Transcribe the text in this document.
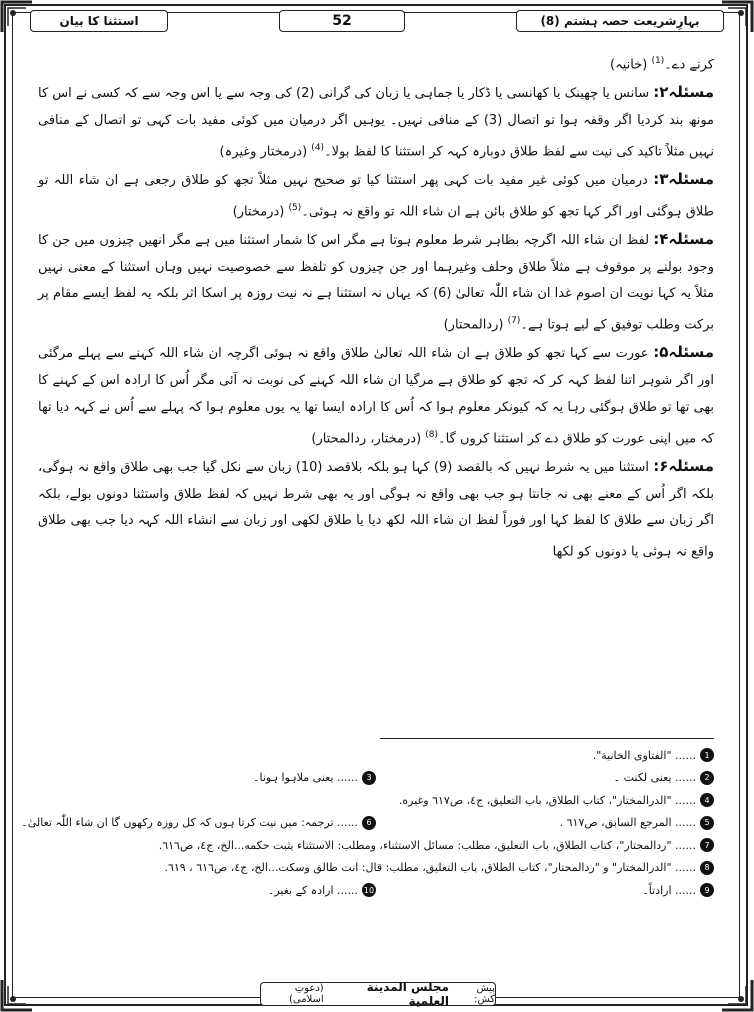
بہارِشریعت حصہ ہشتم (8)
52
استثنا کا بیان

کرنے دے۔$^{(1)}$ (خانیہ)

مسئلہ۲: سانس یا چھینک یا کھانسی یا ڈکار یا جماہی یا زبان کی گرانی (2) کی وجہ سے یا اس وجہ سے کہ کسی نے اس کا مونھ بند کردیا اگر وقفہ ہوا تو اتصال (3) کے منافی نہیں۔ یوہیں اگر درمیان میں کوئی مفید بات کہی تو اتصال کے منافی نہیں مثلاً تاکید کی نیت سے لفظ طلاق دوبارہ کہہ کر استثنا کا لفظ بولا۔$^{(4)}$ (درمختار وغیرہ)

مسئلہ۳: درمیان میں کوئی غیر مفید بات کہی پھر استثنا کیا تو صحیح نہیں مثلاً تجھ کو طلاق رجعی ہے ان شاء اللہ تو طلاق ہوگئی اور اگر کہا تجھ کو طلاق بائن ہے ان شاء اللہ تو واقع نہ ہوئی۔$^{(5)}$ (درمختار)

مسئلہ۴: لفظ ان شاء اللہ اگرچہ بظاہر شرط معلوم ہوتا ہے مگر اس کا شمار استثنا میں ہے مگر انھیں چیزوں میں جن کا وجود بولنے پر موقوف ہے مثلاً طلاق وحلف وغیرہما اور جن چیزوں کو تلفظ سے خصوصیت نہیں وہاں استثنا کے معنی نہیں مثلاً یہ کہا نویت ان اصوم غدا ان شاء اللّٰہ تعالیٰ (6) کہ یہاں نہ استثنا ہے نہ نیت روزہ پر اسکا اثر بلکہ یہ لفظ ایسے مقام پر برکت وطلب توفیق کے لیے ہوتا ہے۔$^{(7)}$ (ردالمحتار)

مسئلہ۵: عورت سے کہا تجھ کو طلاق ہے ان شاء اللہ تعالیٰ طلاق واقع نہ ہوئی اگرچہ ان شاء اللہ کہنے سے پہلے مرگئی اور اگر شوہر اتنا لفظ کہہ کر کہ تجھ کو طلاق ہے مرگیا ان شاء اللہ کہنے کی نوبت نہ آئی مگر اُس کا ارادہ اس کے کہنے کا بھی تھا تو طلاق ہوگئی رہا یہ کہ کیونکر معلوم ہوا کہ اُس کا ارادہ ایسا تھا یہ یوں معلوم ہوا کہ پہلے سے اُس نے کہہ دیا تھا کہ میں اپنی عورت کو طلاق دے کر استثنا کروں گا۔$^{(8)}$ (درمختار، ردالمحتار)

مسئلہ۶: استثنا میں یہ شرط نہیں کہ بالقصد (9) کہا ہو بلکہ بلاقصد (10) زبان سے نکل گیا جب بھی طلاق واقع نہ ہوگی، بلکہ اگر اُس کے معنے بھی نہ جانتا ہو جب بھی واقع نہ ہوگی اور یہ بھی شرط نہیں کہ لفظ طلاق واستثنا دونوں بولے، بلکہ اگر زبان سے طلاق کا لفظ کہا اور فوراً لفظ ان شاء اللہ لکھ دیا یا طلاق لکھی اور زبان سے انشاء اللہ کہہ دیا جب بھی طلاق واقع نہ ہوئی یا دونوں کو لکھا

1
...... "الفتاوی الخانیة".
2
...... یعنی لکنت ۔
3
...... یعنی ملاہوا ہونا۔
4
...... "الدرالمختار"، کتاب الطلاق، باب التعلیق، ج٤، ص٦١٧ وغیره.
5
...... المرجع السابق، ص٦١٧ .
6
...... ترجمہ: میں نیت کرتا ہوں کہ کل روزہ رکھوں گا ان شاء اللّٰہ تعالیٰ۔
7
...... "ردالمحتار"، کتاب الطلاق، باب التعلیق، مطلب: مسائل الاستثناء، ومطلب: الاستثناء یثبت حکمه...الخ، ج٤، ص٦١٦.
8
...... "الدرالمختار" و "ردالمحتار"، کتاب الطلاق، باب التعلیق، مطلب: قال: انت طالق وسکت...الخ، ج٤، ص٦١٦ ، ٦١٩.
9
...... ارادتاً۔
10
...... ارادہ کے بغیر۔
پیش کش:
مجلس المدینة العلمیة
(دعوتِ اسلامی)
